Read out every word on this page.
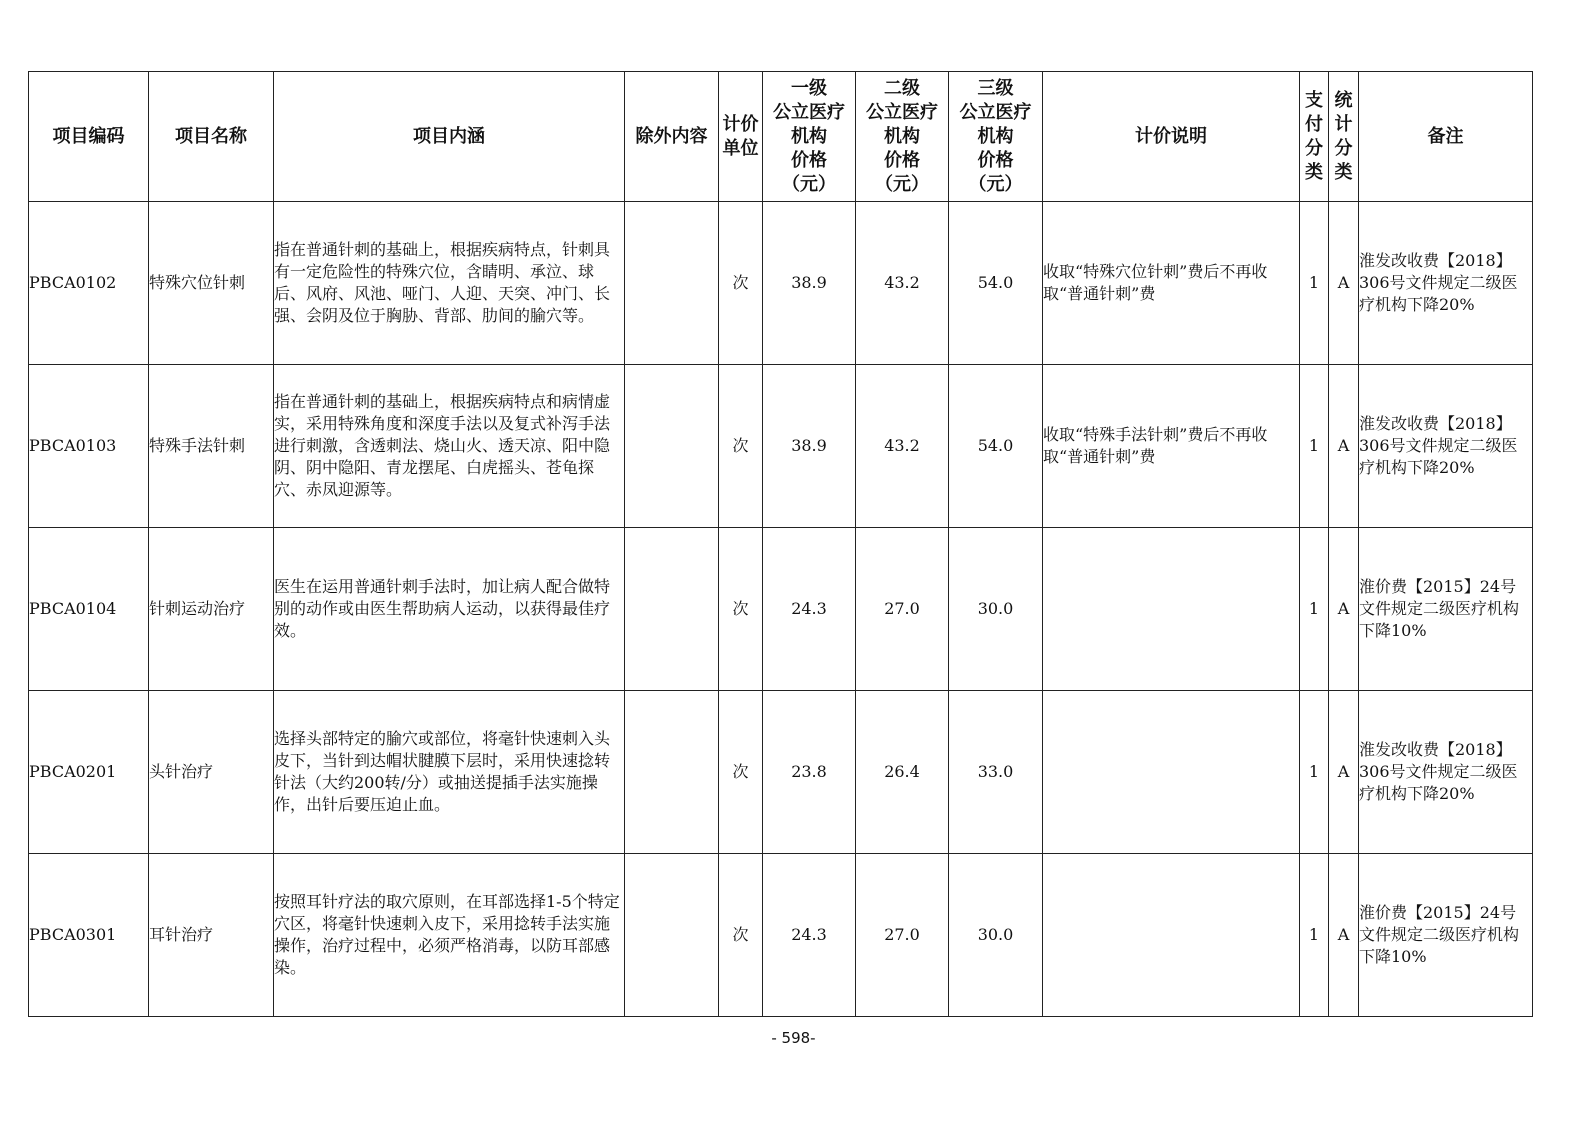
项目编码	项目名称	项目内涵	除外内容	计价单位	一级
公立医疗
机构
价格
（元）	二级
公立医疗
机构
价格
（元）	三级
公立医疗
机构
价格
（元）	计价说明	支付分类	统计分类	备注
PBCA0102	特殊穴位针刺	指在普通针刺的基础上，根据疾病特点，针刺具有一定危险性的特殊穴位，含睛明、承泣、球后、风府、风池、哑门、人迎、天突、冲门、长强、会阴及位于胸胁、背部、肋间的腧穴等。		次	38.9	43.2	54.0	收取“特殊穴位针刺”费后不再收取“普通针刺”费	1	A	淮发改收费【2018】306号文件规定二级医疗机构下降20%
PBCA0103	特殊手法针刺	指在普通针刺的基础上，根据疾病特点和病情虚实，采用特殊角度和深度手法以及复式补泻手法进行刺激，含透刺法、烧山火、透天凉、阳中隐阴、阴中隐阳、青龙摆尾、白虎摇头、苍龟探穴、赤凤迎源等。		次	38.9	43.2	54.0	收取“特殊手法针刺”费后不再收取“普通针刺”费	1	A	淮发改收费【2018】306号文件规定二级医疗机构下降20%
PBCA0104	针刺运动治疗	医生在运用普通针刺手法时，加让病人配合做特别的动作或由医生帮助病人运动，以获得最佳疗效。		次	24.3	27.0	30.0		1	A	淮价费【2015】24号文件规定二级医疗机构下降10%
PBCA0201	头针治疗	选择头部特定的腧穴或部位，将毫针快速刺入头皮下，当针到达帽状腱膜下层时，采用快速捻转针法（大约200转/分）或抽送提插手法实施操作，出针后要压迫止血。		次	23.8	26.4	33.0		1	A	淮发改收费【2018】306号文件规定二级医疗机构下降20%
PBCA0301	耳针治疗	按照耳针疗法的取穴原则，在耳部选择1-5个特定穴区，将毫针快速刺入皮下，采用捻转手法实施操作，治疗过程中，必须严格消毒，以防耳部感染。		次	24.3	27.0	30.0		1	A	淮价费【2015】24号文件规定二级医疗机构下降10%
- 598-
